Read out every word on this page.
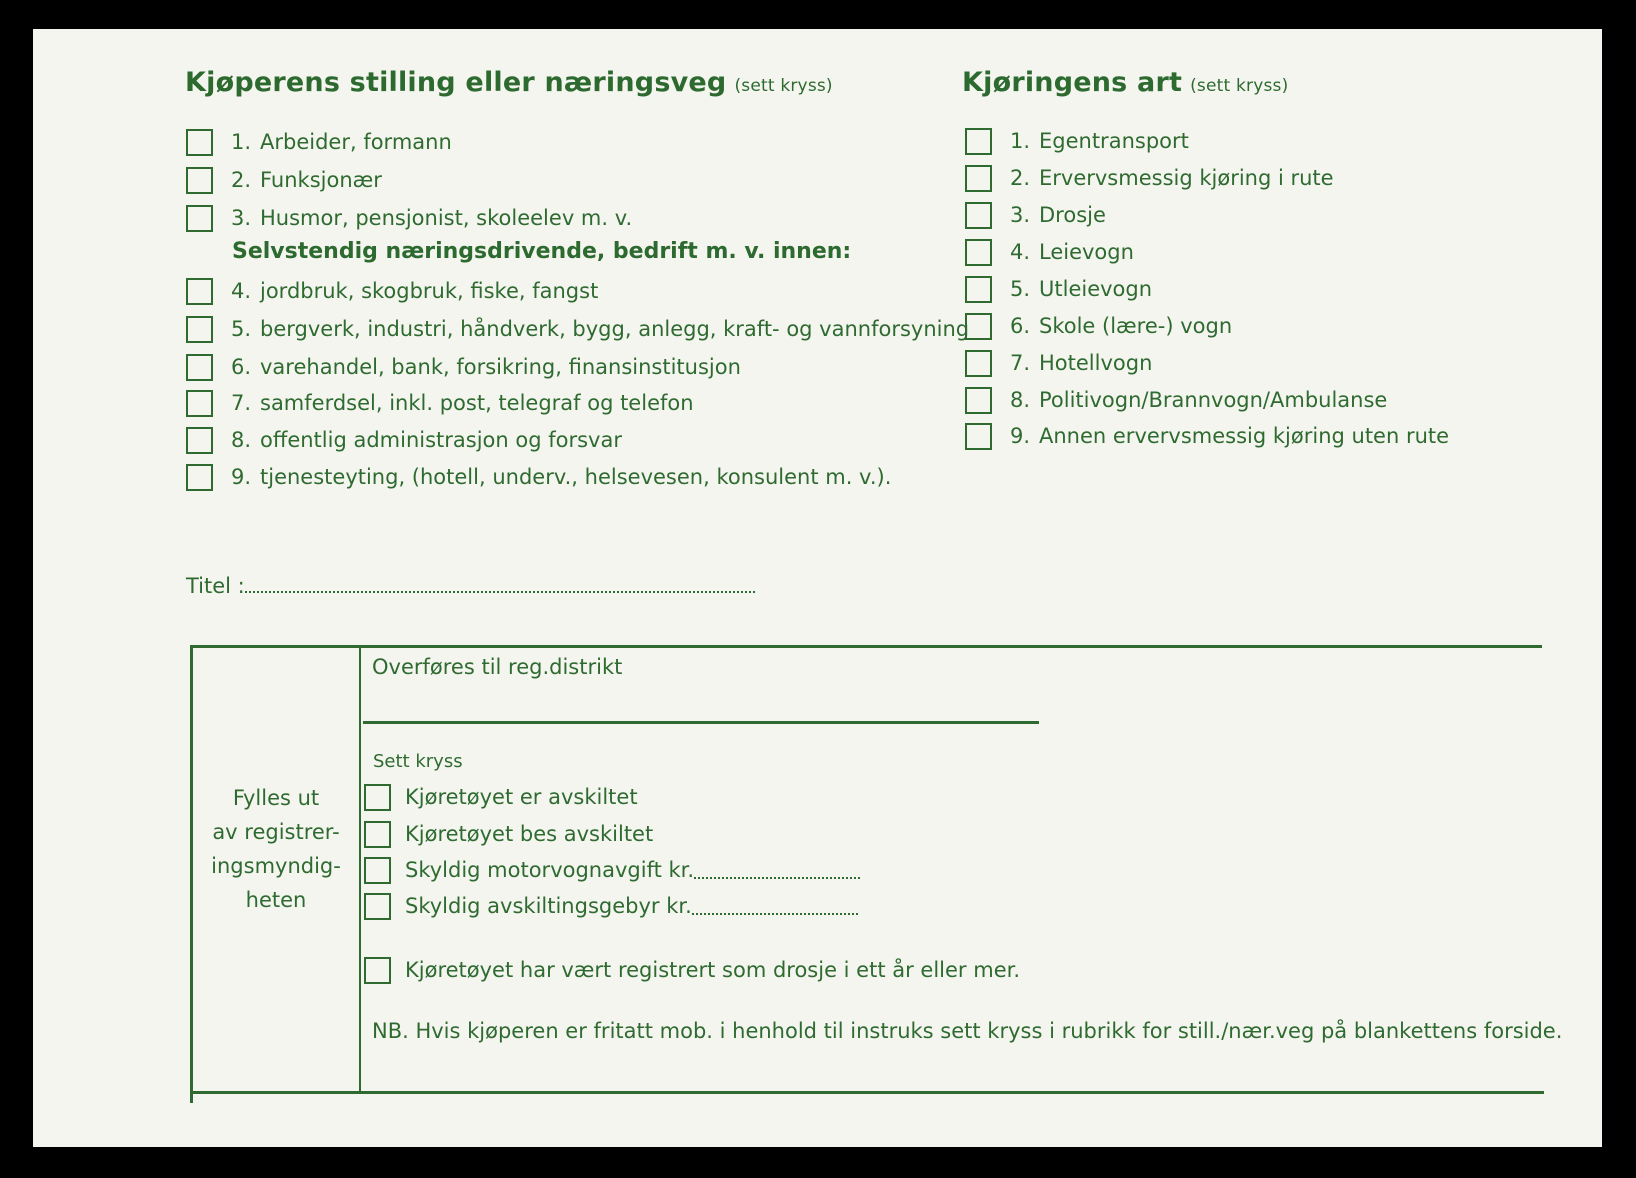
Kjøperens stilling eller næringsveg (sett kryss)
1. Arbeider, formann
2. Funksjonær
3. Husmor, pensjonist, skoleelev m. v.
Selvstendig næringsdrivende, bedrift m. v. innen:
4. jordbruk, skogbruk, fiske, fangst
5. bergverk, industri, håndverk, bygg, anlegg, kraft- og vannforsyning
6. varehandel, bank, forsikring, finansinstitusjon
7. samferdsel, inkl. post, telegraf og telefon
8. offentlig administrasjon og forsvar
9. tjenesteyting, (hotell, underv., helsevesen, konsulent m. v.).
Kjøringens art (sett kryss)
1. Egentransport
2. Ervervsmessig kjøring i rute
3. Drosje
4. Leievogn
5. Utleievogn
6. Skole (lære-) vogn
7. Hotellvogn
8. Politivogn/Brannvogn/Ambulanse
9. Annen ervervsmessig kjøring uten rute
Titel :
Fylles ut
av registrer-
ingsmyndig-
heten
Overføres til reg.distrikt
Sett kryss
Kjøretøyet er avskiltet
Kjøretøyet bes avskiltet
Skyldig motorvognavgift kr.
Skyldig avskiltingsgebyr kr.
Kjøretøyet har vært registrert som drosje i ett år eller mer.
NB. Hvis kjøperen er fritatt mob. i henhold til instruks sett kryss i rubrikk for still./nær.veg på blankettens forside.
